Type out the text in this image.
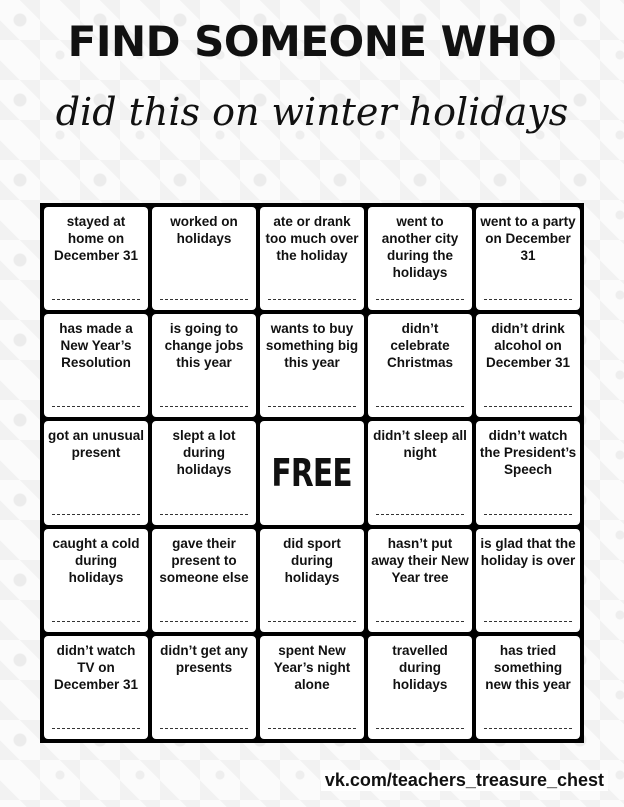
FIND SOMEONE WHO
did this on winter holidays
stayed at home on December 31
worked on holidays
ate or drank too much over the holiday
went to another city during the holidays
went to a party on December 31
has made a New Year’s Resolution
is going to change jobs this year
wants to buy something big this year
didn’t celebrate Christmas
didn’t drink alcohol on December 31
got an unusual present
slept a lot during holidays	FREE
didn’t sleep all night
didn’t watch the President’s Speech
caught a cold during holidays
gave their present to someone else
did sport during holidays
hasn’t put away their New Year tree
is glad that the holiday is over
didn’t watch TV on December 31
didn’t get any presents
spent New Year’s night alone
travelled during holidays
has tried something new this year
vk.com/teachers_treasure_chest
